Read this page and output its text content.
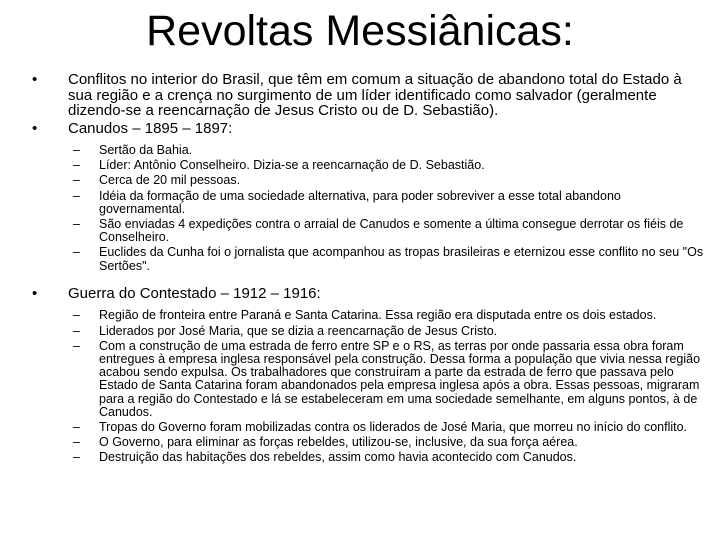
Revoltas Messiânicas:
• Conflitos no interior do Brasil, que têm em comum a situação de abandono total do Estado à sua região e a crença no surgimento de um líder identificado como salvador (geralmente dizendo-se a reencarnação de Jesus Cristo ou de D. Sebastião).
• Canudos – 1895 – 1897:
– Sertão da Bahia.
– Líder: Antônio Conselheiro. Dizia-se a reencarnação de D. Sebastião.
– Cerca de 20 mil pessoas.
– Idéia da formação de uma sociedade alternativa, para poder sobreviver a esse total abandono governamental.
– São enviadas 4 expedições contra o arraial de Canudos e somente a última consegue derrotar os fiéis de Conselheiro.
– Euclides da Cunha foi o jornalista que acompanhou as tropas brasileiras e eternizou esse conflito no seu "Os Sertões".
• Guerra do Contestado – 1912 – 1916:
– Região de fronteira entre Paraná e Santa Catarina. Essa região era disputada entre os dois estados.
– Liderados por José Maria, que se dizia a reencarnação de Jesus Cristo.
– Com a construção de uma estrada de ferro entre SP e o RS, as terras por onde passaria essa obra foram entregues à empresa inglesa responsável pela construção. Dessa forma a população que vivia nessa região acabou sendo expulsa. Os trabalhadores que construíram a parte da estrada de ferro que passava pelo Estado de Santa Catarina foram abandonados pela empresa inglesa após a obra. Essas pessoas, migraram para a região do Contestado e lá se estabeleceram em uma sociedade semelhante, em alguns pontos, à de Canudos.
– Tropas do Governo foram mobilizadas contra os liderados de José Maria, que morreu no início do conflito.
– O Governo, para eliminar as forças rebeldes, utilizou-se, inclusive, da sua força aérea.
– Destruição das habitações dos rebeldes, assim como havia acontecido com Canudos.
